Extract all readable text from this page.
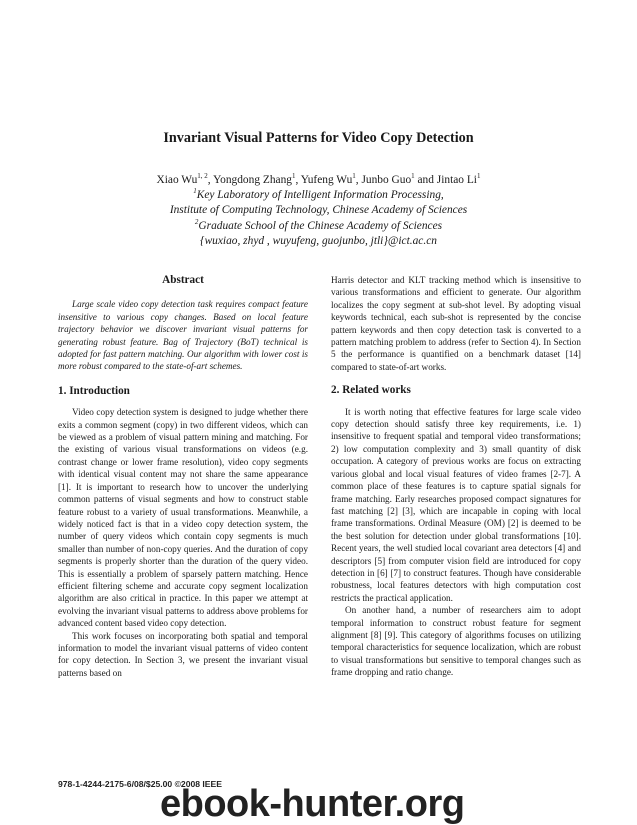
Invariant Visual Patterns for Video Copy Detection
Xiao Wu$^{1, 2}$, Yongdong Zhang$^1$, Yufeng Wu$^1$, Junbo Guo$^1$ and Jintao Li$^1$
$^1$Key Laboratory of Intelligent Information Processing,
Institute of Computing Technology, Chinese Academy of Sciences
$^2$Graduate School of the Chinese Academy of Sciences
{wuxiao, zhyd , wuyufeng, guojunbo, jtli}@ict.ac.cn
Abstract

Large scale video copy detection task requires compact feature insensitive to various copy changes. Based on local feature trajectory behavior we discover invariant visual patterns for generating robust feature. Bag of Trajectory (BoT) technical is adopted for fast pattern matching. Our algorithm with lower cost is more robust compared to the state-of-art schemes.

1. Introduction

Video copy detection system is designed to judge whether there exits a common segment (copy) in two different videos, which can be viewed as a problem of visual pattern mining and matching. For the existing of various visual transformations on videos (e.g. contrast change or lower frame resolution), video copy segments with identical visual content may not share the same appearance [1]. It is important to research how to uncover the underlying common patterns of visual segments and how to construct stable feature robust to a variety of usual transformations. Meanwhile, a widely noticed fact is that in a video copy detection system, the number of query videos which contain copy segments is much smaller than number of non-copy queries. And the duration of copy segments is properly shorter than the duration of the query video. This is essentially a problem of sparsely pattern matching. Hence efficient filtering scheme and accurate copy segment localization algorithm are also critical in practice. In this paper we attempt at evolving the invariant visual patterns to address above problems for advanced content based video copy detection.

This work focuses on incorporating both spatial and temporal information to model the invariant visual patterns of video content for copy detection. In Section 3, we present the invariant visual patterns based on

Harris detector and KLT tracking method which is insensitive to various transformations and efficient to generate. Our algorithm localizes the copy segment at sub-shot level. By adopting visual keywords technical, each sub-shot is represented by the concise pattern keywords and then copy detection task is converted to a pattern matching problem to address (refer to Section 4). In Section 5 the performance is quantified on a benchmark dataset [14] compared to state-of-art works.

2. Related works

It is worth noting that effective features for large scale video copy detection should satisfy three key requirements, i.e. 1) insensitive to frequent spatial and temporal video transformations; 2) low computation complexity and 3) small quantity of disk occupation. A category of previous works are focus on extracting various global and local visual features of video frames [2-7]. A common place of these features is to capture spatial signals for frame matching. Early researches proposed compact signatures for fast matching [2] [3], which are incapable in coping with local frame transformations. Ordinal Measure (OM) [2] is deemed to be the best solution for detection under global transformations [10]. Recent years, the well studied local covariant area detectors [4] and descriptors [5] from computer vision field are introduced for copy detection in [6] [7] to construct features. Though have considerable robustness, local features detectors with high computation cost restricts the practical application.

On another hand, a number of researchers aim to adopt temporal information to construct robust feature for segment alignment [8] [9]. This category of algorithms focuses on utilizing temporal characteristics for sequence localization, which are robust to visual transformations but sensitive to temporal changes such as frame dropping and ratio change.

978-1-4244-2175-6/08/$25.00 ©2008 IEEE
ebook-hunter.org
